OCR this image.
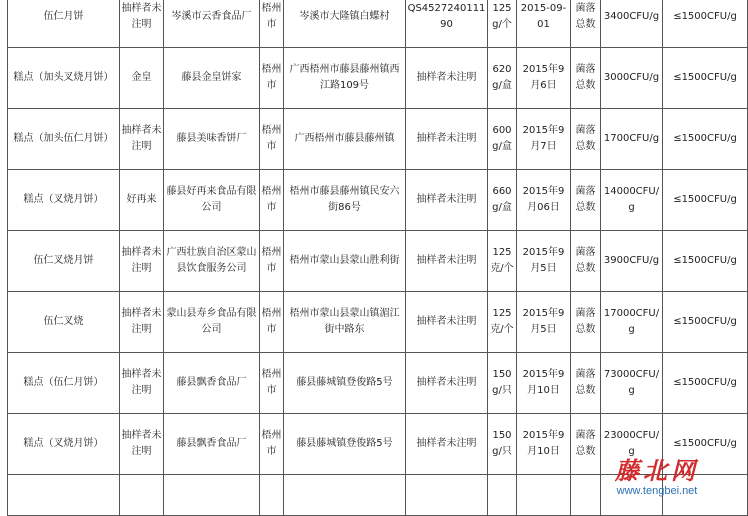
伍仁月饼	抽样者未注明	岑溪市云香食品厂	梧州市	岑溪市大隆镇白蝶村	QS452724011190	125g/个	2015-09-01	菌落总数	3400CFU/g	≤1500CFU/g
糕点（加头叉烧月饼）	金皇	藤县金皇饼家	梧州市	广西梧州市藤县藤州镇西江路109号	抽样者未注明	620g/盒	2015年9月6日	菌落总数	3000CFU/g	≤1500CFU/g
糕点（加头伍仁月饼）	抽样者未注明	藤县美味香饼厂	梧州市	广西梧州市藤县藤州镇	抽样者未注明	600g/盒	2015年9月7日	菌落总数	1700CFU/g	≤1500CFU/g
糕点（叉烧月饼）	好再来	藤县好再来食品有限公司	梧州市	梧州市藤县藤州镇民安六街86号	抽样者未注明	660g/盒	2015年9月06日	菌落总数	14000CFU/g	≤1500CFU/g
伍仁叉烧月饼	抽样者未注明	广西壮族自治区蒙山县饮食服务公司	梧州市	梧州市蒙山县蒙山胜利街	抽样者未注明	125克/个	2015年9月5日	菌落总数	3900CFU/g	≤1500CFU/g
伍仁叉烧	抽样者未注明	蒙山县寿乡食品有限公司	梧州市	梧州市蒙山县蒙山镇湄江街中路东	抽样者未注明	125克/个	2015年9月5日	菌落总数	17000CFU/g	≤1500CFU/g
糕点（伍仁月饼）	抽样者未注明	藤县飘香食品厂	梧州市	藤县藤城镇登俊路5号	抽样者未注明	150g/只	2015年9月10日	菌落总数	73000CFU/g	≤1500CFU/g
糕点（叉烧月饼）	抽样者未注明	藤县飘香食品厂	梧州市	藤县藤城镇登俊路5号	抽样者未注明	150g/只	2015年9月10日	菌落总数	23000CFU/g	≤1500CFU/g

藤北网
www.tengbei.net
